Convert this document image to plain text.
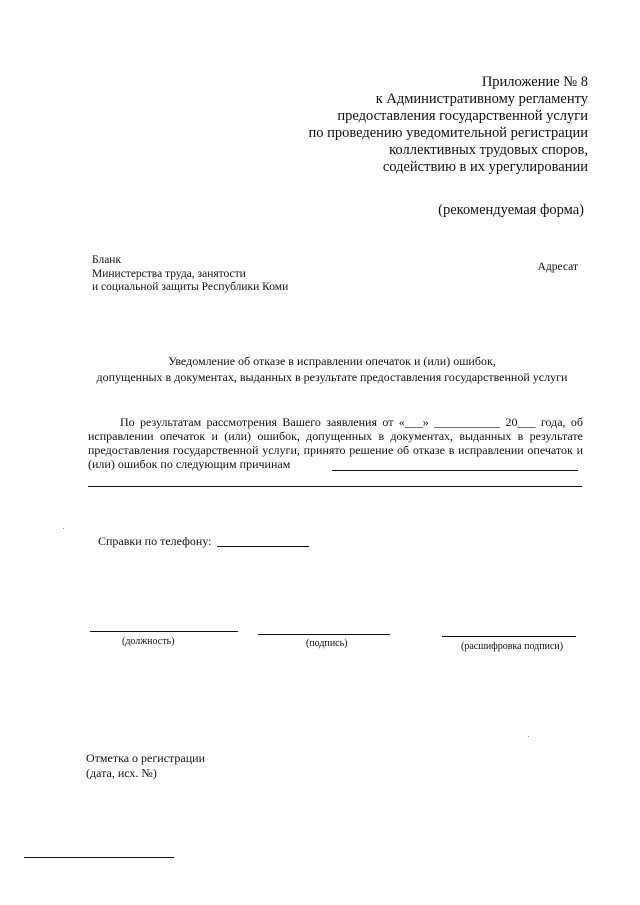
Приложение № 8
к Административному регламенту
предоставления государственной услуги
по проведению уведомительной регистрации
коллективных трудовых споров,
содействию в их урегулировании
(рекомендуемая форма)
Бланк
Министерства труда, занятости
и социальной защиты Республики Коми
Адресат
Уведомление об отказе в исправлении опечаток и (или) ошибок,
допущенных в документах, выданных в результате предоставления государственной услуги
По результатам рассмотрения Вашего заявления от «___» ___________ 20___ года, об исправлении опечаток и (или) ошибок, допущенных в документах, выданных в результате предоставления государственной услуги, принято решение об отказе в исправлении опечаток и (или) ошибок по следующим причинам
Справки по телефону:
(должность)	(подпись)	(расшифровка подписи)
Отметка о регистрации
(дата, исх. №)
